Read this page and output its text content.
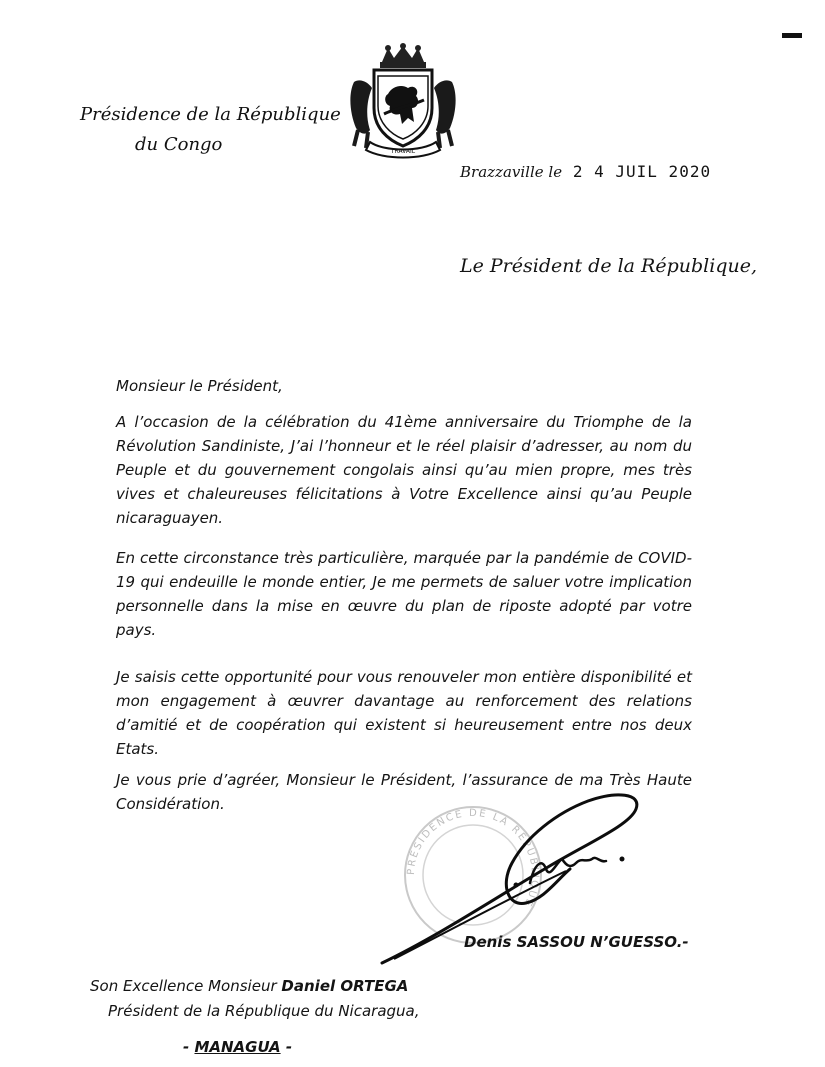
TRAVAIL
Présidence de la République
du Congo
Brazzaville le 2 4 JUIL 2020
Le Président de la République,
Monsieur le Président,
A l’occasion de la célébration du 41ème anniversaire du Triomphe de la Révolution Sandiniste, J’ai l’honneur et le réel plaisir d’adresser, au nom du Peuple et du gouvernement congolais ainsi qu’au mien propre, mes très vives et chaleureuses félicitations à Votre Excellence ainsi qu’au Peuple nicaraguayen.
En cette circonstance très particulière, marquée par la pandémie de COVID-19 qui endeuille le monde entier, Je me permets de saluer votre implication personnelle dans la mise en œuvre du plan de riposte adopté par votre pays.
Je saisis cette opportunité pour vous renouveler mon entière disponibilité et mon engagement à œuvrer davantage au renforcement des relations d’amitié et de coopération qui existent si heureusement entre nos deux Etats.
Je vous prie d’agréer, Monsieur le Président, l’assurance de ma Très Haute Considération.
PRÉSIDENCE DE LA RÉPUBLIQUE
Denis SASSOU N’GUESSO.-
Son Excellence Monsieur Daniel ORTEGA
Président de la République du Nicaragua,
- MANAGUA -
